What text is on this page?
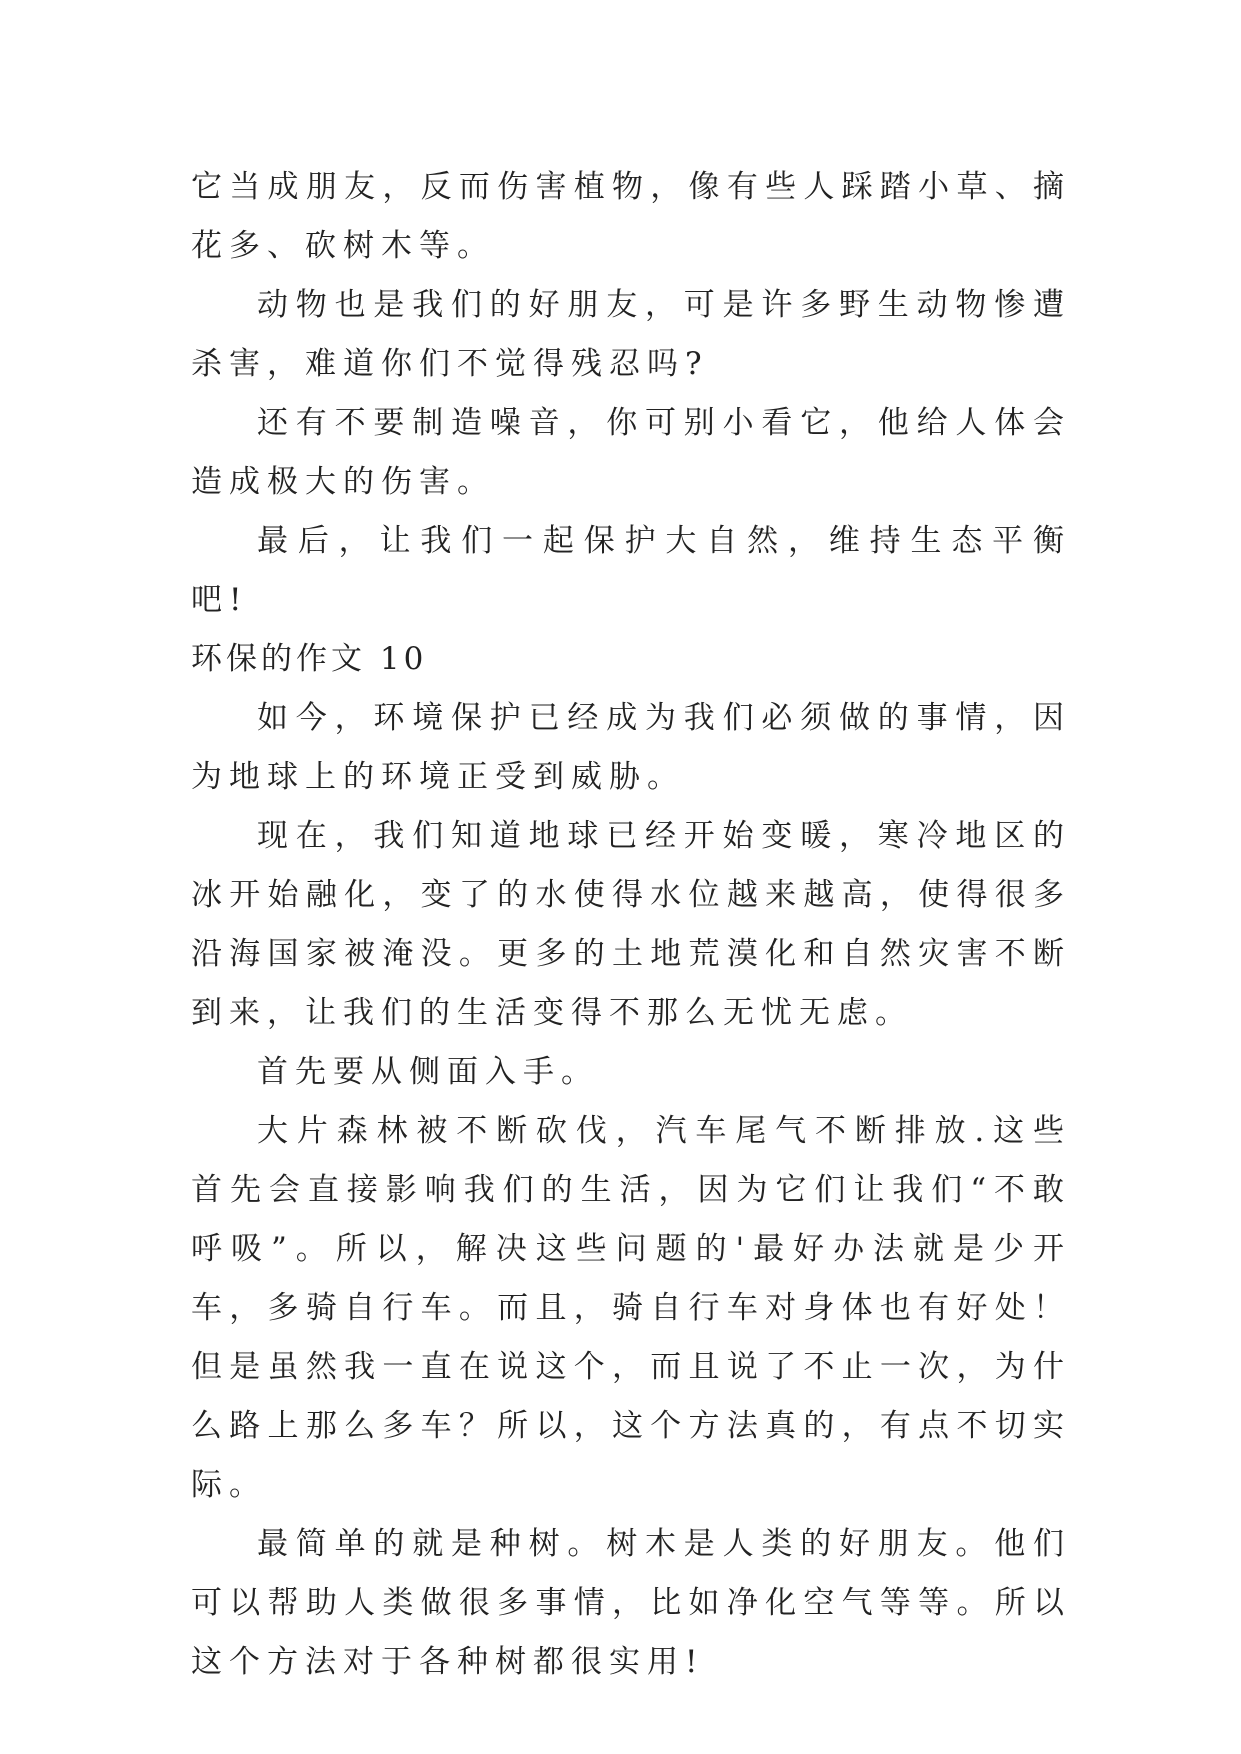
它当成朋友，反而伤害植物，像有些人踩踏小草、摘花多、砍树木等。

动物也是我们的好朋友，可是许多野生动物惨遭杀害，难道你们不觉得残忍吗?

还有不要制造噪音，你可别小看它，他给人体会造成极大的伤害。

最后，让我们一起保护大自然，维持生态平衡吧!

环保的作文 10

如今，环境保护已经成为我们必须做的事情，因为地球上的环境正受到威胁。

现在，我们知道地球已经开始变暖，寒冷地区的冰开始融化，变了的水使得水位越来越高，使得很多沿海国家被淹没。更多的土地荒漠化和自然灾害不断到来，让我们的生活变得不那么无忧无虑。

首先要从侧面入手。

大片森林被不断砍伐，汽车尾气不断排放.这些首先会直接影响我们的生活，因为它们让我们“不敢呼吸”。所以，解决这些问题的'最好办法就是少开车，多骑自行车。而且，骑自行车对身体也有好处！但是虽然我一直在说这个，而且说了不止一次，为什么路上那么多车？所以，这个方法真的，有点不切实际。

最简单的就是种树。树木是人类的好朋友。他们可以帮助人类做很多事情，比如净化空气等等。所以这个方法对于各种树都很实用!
